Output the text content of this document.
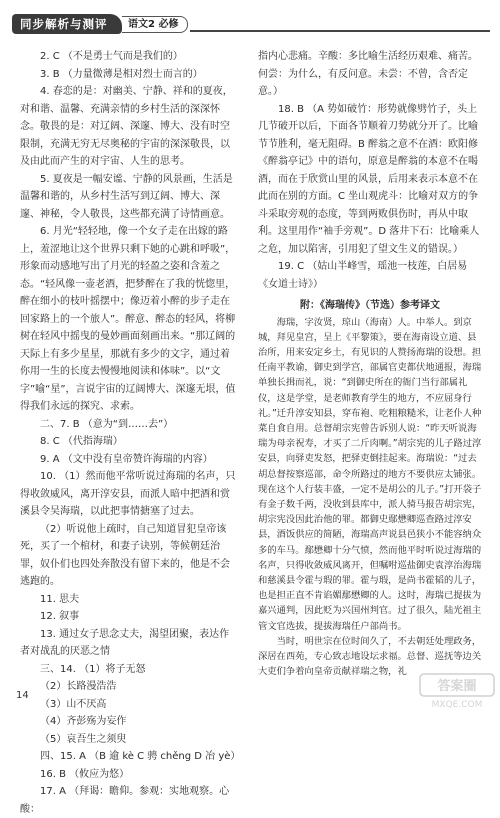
同步解析与测评	语文2 必修

2. C （不是勇士气而是我们的）

3. B （力量微薄是相对烈士而言的）

4. 春恋的是：对幽美、宁静、祥和的夏夜，对和谐、温馨、充满亲情的乡村生活的深深怀念。敬畏的是：对辽阔、深邃、博大、没有时空限制，充满无穷无尽奥秘的宇宙的深深敬畏，以及由此而产生的对宇宙、人生的思考。

5. 夏夜是一幅安谧、宁静的风景画，生活是温馨和谐的，从乡村生活写到辽阔、博大、深邃、神秘，令人敬畏，这些都充满了诗情画意。

6. 月光“轻轻地，像一个女子走在出嫁的路上，羞涩地让这个世界只剩下她的心跳和呼吸”，形象而动感地写出了月光的轻盈之姿和含羞之态。“轻风像一壶老酒，把梦醉在了我的恍惚里，醉在细小的枝叶摇摆中；像迈着小醉的步子走在回家路上的一个旅人”。醉意、醉态的轻风，将柳树在轻风中摇曳的曼妙画面刻画出来。“那辽阔的天际上有多少星星，那就有多少的文字，通过着你用一生的长度去慢慢地阅读和体味”。以“文字”喻“星”，言说宇宙的辽阔博大、深邃无垠，值得我们永远的探究、求索。

二、7. B （意为“到……去”）

8. C （代指海瑞）

9. A （文中没有皇帝赞许海瑞的内容）

10. （1）然而他平常听说过海瑞的名声，只得收敛威风，离开淳安县，而派人暗中把酒和赏溪县令吴海瑞，以此把事情搪塞了过去。

（2）听说他上疏时，自己知道冒犯皇帝该死，买了一个棺材，和妻子诀别，等候朝廷治罪，奴仆们也四处奔散没有留下来的，他是不会逃跑的。

11. 思夫

12. 叙事

13. 通过女子思念丈夫，渴望团聚，表达作者对战乱的厌恶之情

三、14. （1）将子无怒

（2）长路漫浩浩

（3）山不厌高

（4）齐彭殇为妄作

（5）哀吾生之须臾

四、15. A （B 逾 kè C 骋 chěng D 冶 yè）

16. B （攸应为悠）

17. A （拜谒：瞻仰。参观：实地观察。心酸：

指内心悲痛。辛酸：多比喻生活经历艰难、痛苦。何尝：为什么，有反问意。未尝：不曾，含否定意。）

18. B （A 势如破竹：形势就像劈竹子，头上几节破开以后，下面各节顺着刀势就分开了。比喻节节胜利，毫无阻碍。B 醉翁之意不在酒：欧阳修《醉翁亭记》中的语句，原意是醉翁的本意不在喝酒，而在于欣赏山里的风景，后用来表示本意不在此而在别的方面。C 坐山观虎斗：比喻对双方的争斗采取旁观的态度，等到两败俱伤时，再从中取利。这里用作“袖手旁观”。D 落井下石：比喻乘人之危，加以陷害，引用犯了望文生义的错误。）

19. C （姑山半峰雪，瑶池一枝莲，白居易《女道士诗》）

附：《海瑞传》（节选）参考译文

海瑞，字汝贤，琼山（海南）人。中举人。到京城，拜见皇宫，呈上《平黎策》，要在海南设立道、县治所，用来安定乡土，有见识的人赞扬海瑞的设想。担任南平教谕，御史到学宫，部属官吏都伏地通报，海瑞单独长揖而礼，说：“到御史所在的衙门当行部属礼仪，这是学堂，是老师教育学生的地方，不应屈身行礼。”迁升淳安知县，穿布袍、吃粗粮糙米，让老仆人种菜自食自用。总督胡宗宪曾告诉别人说：“昨天听说海瑞为母亲祝寿，才买了二斤肉啊。”胡宗宪的儿子路过淳安县，向驿吏发怒，把驿吏倒挂起来。海瑞说：“过去胡总督按察巡部，命令所路过的地方不要供应太铺张。现在这个人行装丰盛，一定不是胡公的儿子。”打开袋子有金子数千两，没收到县库中，派人骑马报告胡宗宪，胡宗宪没因此治他的罪。都御史鄢懋卿巡查路过淳安县，酒饭供应的简陋，海瑞高声说县邑狭小不能容纳众多的车马。鄢懋卿十分气愤，然而他平时听说过海瑞的名声，只得收敛威风离开，但嘱咐巡盐御史袁淳治海瑞和慈溪县令霍与瑕的罪。霍与瑕，是尚书霍韬的儿子，也是担正直不肯谄媚鄢懋卿的人。这时，海瑞已提拔为嘉兴通判，因此贬为兴国州判官。过了很久，陆光祖主管文官选拔，提拔海瑞任户部尚书。

当时，明世宗在位时间久了，不去朝廷处理政务，深居在西苑，专心致志地设坛求福。总督、巡抚等边关大吏们争着向皇帝贡献祥瑞之物，礼

14
答案圈
MXQE.COM
